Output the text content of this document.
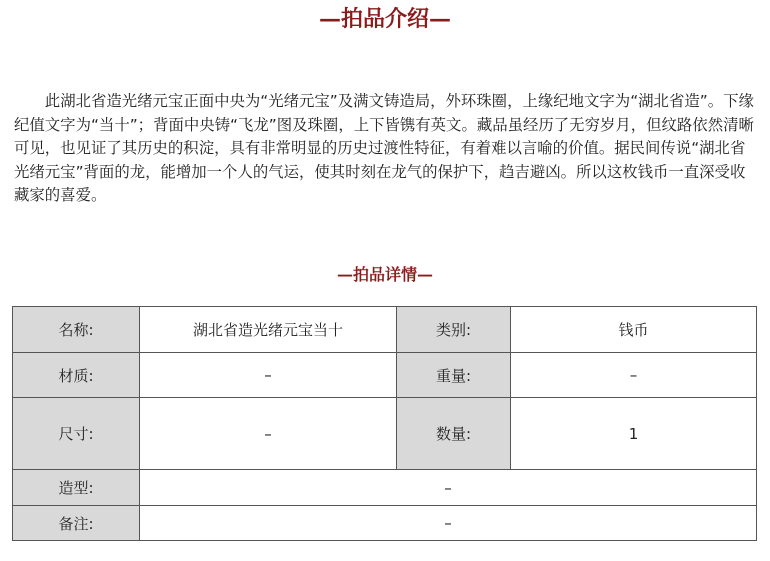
—拍品介绍—

此湖北省造光绪元宝正面中央为“光绪元宝”及满文铸造局，外环珠圈，上缘纪地文字为“湖北省造”。下缘纪值文字为“当十”；背面中央铸“飞龙”图及珠圈，上下皆镌有英文。藏品虽经历了无穷岁月，但纹路依然清晰可见，也见证了其历史的积淀，具有非常明显的历史过渡性特征，有着难以言喻的价值。据民间传说“湖北省光绪元宝”背面的龙，能增加一个人的气运，使其时刻在龙气的保护下，趋吉避凶。所以这枚钱币一直深受收藏家的喜爱。

—拍品详情—
名称:	湖北省造光绪元宝当十	类别:	钱币
材质:	–	重量:	–
尺寸:	–	数量:	1
造型:	–		
备注:	–		
